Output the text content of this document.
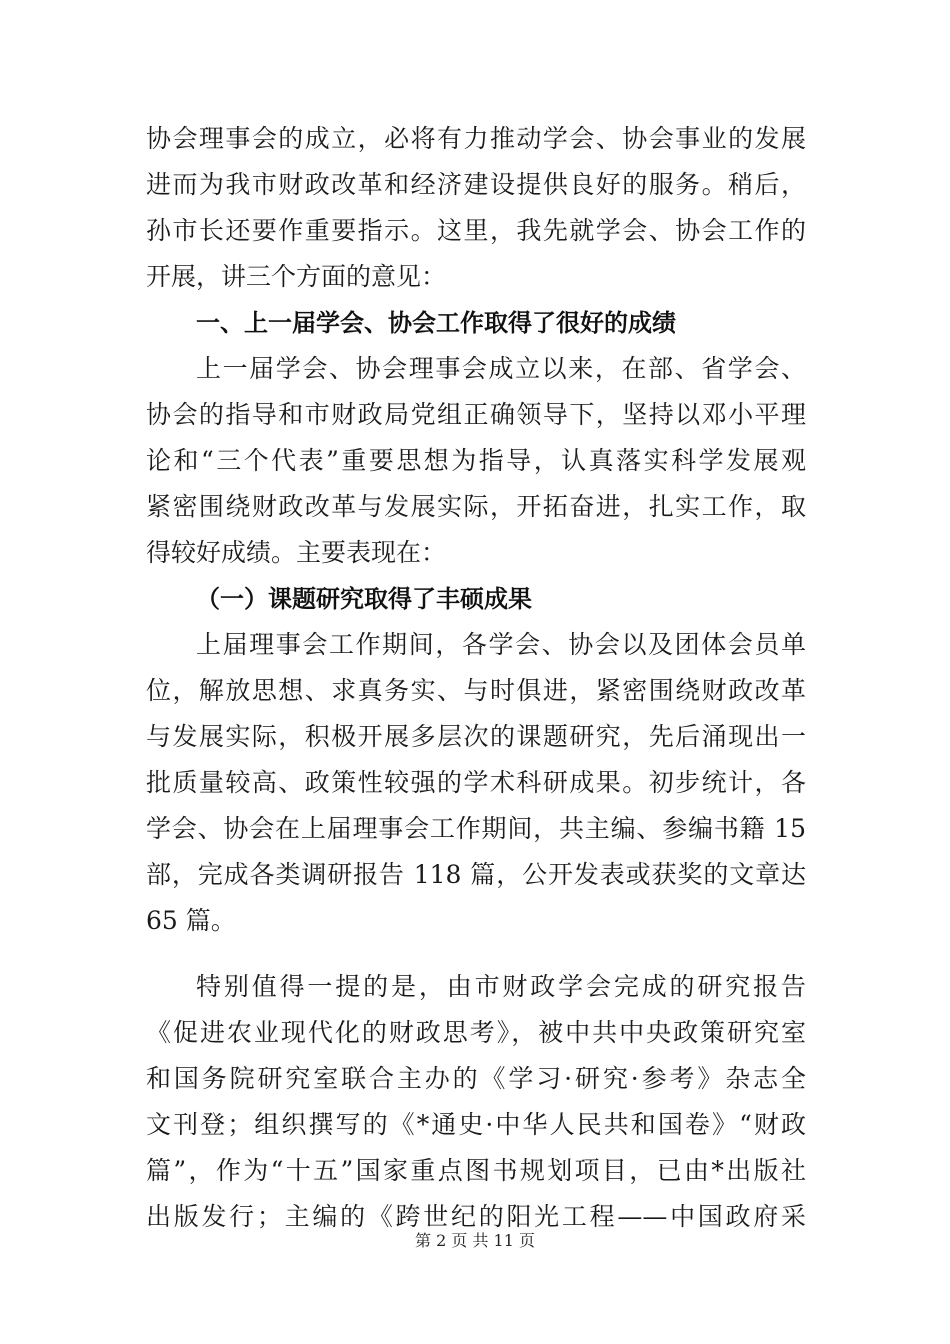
协会理事会的成立，必将有力推动学会、协会事业的发展
进而为我市财政改革和经济建设提供良好的服务。稍后，
孙市长还要作重要指示。这里，我先就学会、协会工作的
开展，讲三个方面的意见：
一、上一届学会、协会工作取得了很好的成绩
上一届学会、协会理事会成立以来，在部、省学会、
协会的指导和市财政局党组正确领导下，坚持以邓小平理
论和“三个代表”重要思想为指导，认真落实科学发展观
紧密围绕财政改革与发展实际，开拓奋进，扎实工作，取
得较好成绩。主要表现在：
（一）课题研究取得了丰硕成果
上届理事会工作期间，各学会、协会以及团体会员单
位，解放思想、求真务实、与时俱进，紧密围绕财政改革
与发展实际，积极开展多层次的课题研究，先后涌现出一
批质量较高、政策性较强的学术科研成果。初步统计，各
学会、协会在上届理事会工作期间，共主编、参编书籍 15
部，完成各类调研报告 118 篇，公开发表或获奖的文章达
65 篇。
特别值得一提的是，由市财政学会完成的研究报告
《促进农业现代化的财政思考》，被中共中央政策研究室
和国务院研究室联合主办的《学习·研究·参考》杂志全
文刊登；组织撰写的《*通史·中华人民共和国卷》“财政
篇”，作为“十五”国家重点图书规划项目，已由*出版社
出版发行；主编的《跨世纪的阳光工程——中国政府采
第 2 页 共 11 页
